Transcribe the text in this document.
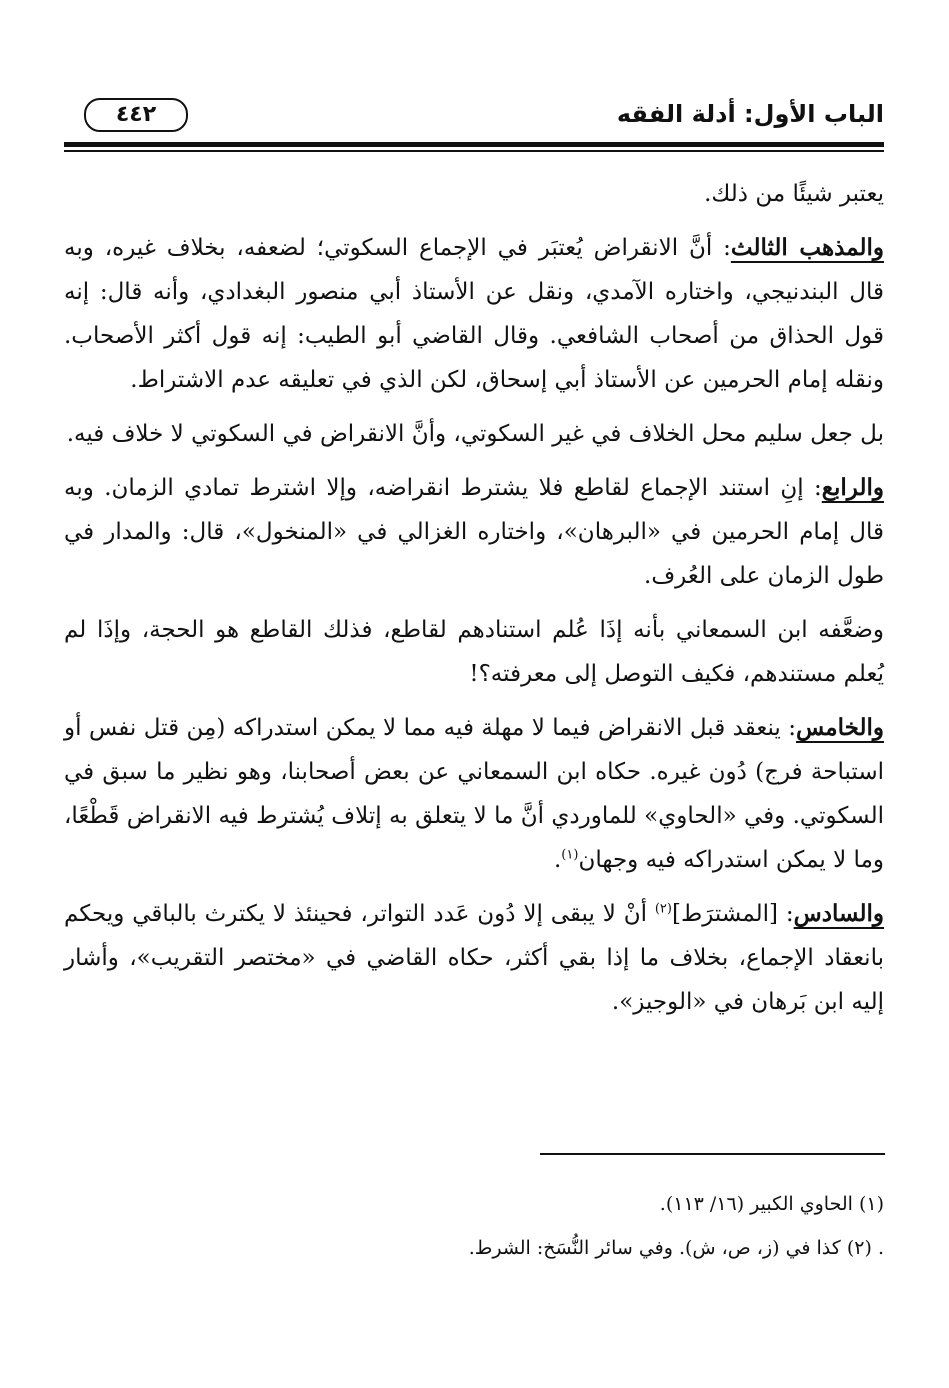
الباب الأول: أدلة الفقه
٤٤٢

يعتبر شيئًا من ذلك.

والمذهب الثالث: أنَّ الانقراض يُعتبَر في الإجماع السكوتي؛ لضعفه، بخلاف غيره، وبه قال البندنيجي، واختاره الآمدي، ونقل عن الأستاذ أبي منصور البغدادي، وأنه قال: إنه قول الحذاق من أصحاب الشافعي. وقال القاضي أبو الطيب: إنه قول أكثر الأصحاب. ونقله إمام الحرمين عن الأستاذ أبي إسحاق، لكن الذي في تعليقه عدم الاشتراط.

بل جعل سليم محل الخلاف في غير السكوتي، وأنَّ الانقراض في السكوتي لا خلاف فيه.

والرابع: إنِ استند الإجماع لقاطع فلا يشترط انقراضه، وإلا اشترط تمادي الزمان. وبه قال إمام الحرمين في «البرهان»، واختاره الغزالي في «المنخول»، قال: والمدار في طول الزمان على العُرف.

وضعَّفه ابن السمعاني بأنه إذَا عُلم استنادهم لقاطع، فذلك القاطع هو الحجة، وإذَا لم يُعلم مستندهم، فكيف التوصل إلى معرفته؟!

والخامس: ينعقد قبل الانقراض فيما لا مهلة فيه مما لا يمكن استدراكه (مِن قتل نفس أو استباحة فرج) دُون غيره. حكاه ابن السمعاني عن بعض أصحابنا، وهو نظير ما سبق في السكوتي. وفي «الحاوي» للماوردي أنَّ ما لا يتعلق به إتلاف يُشترط فيه الانقراض قَطْعًا، وما لا يمكن استدراكه فيه وجهان$^{(١)}$.

والسادس: [المشترَط]$^{(٢)}$ أنْ لا يبقى إلا دُون عَدد التواتر، فحينئذ لا يكترث بالباقي ويحكم بانعقاد الإجماع، بخلاف ما إذا بقي أكثر، حكاه القاضي في «مختصر التقريب»، وأشار إليه ابن بَرهان في «الوجيز».

(١) الحاوي الكبير (١٦/ ١١٣).

. (٢) كذا في (ز، ص، ش). وفي سائر النُّسَخ: الشرط.
